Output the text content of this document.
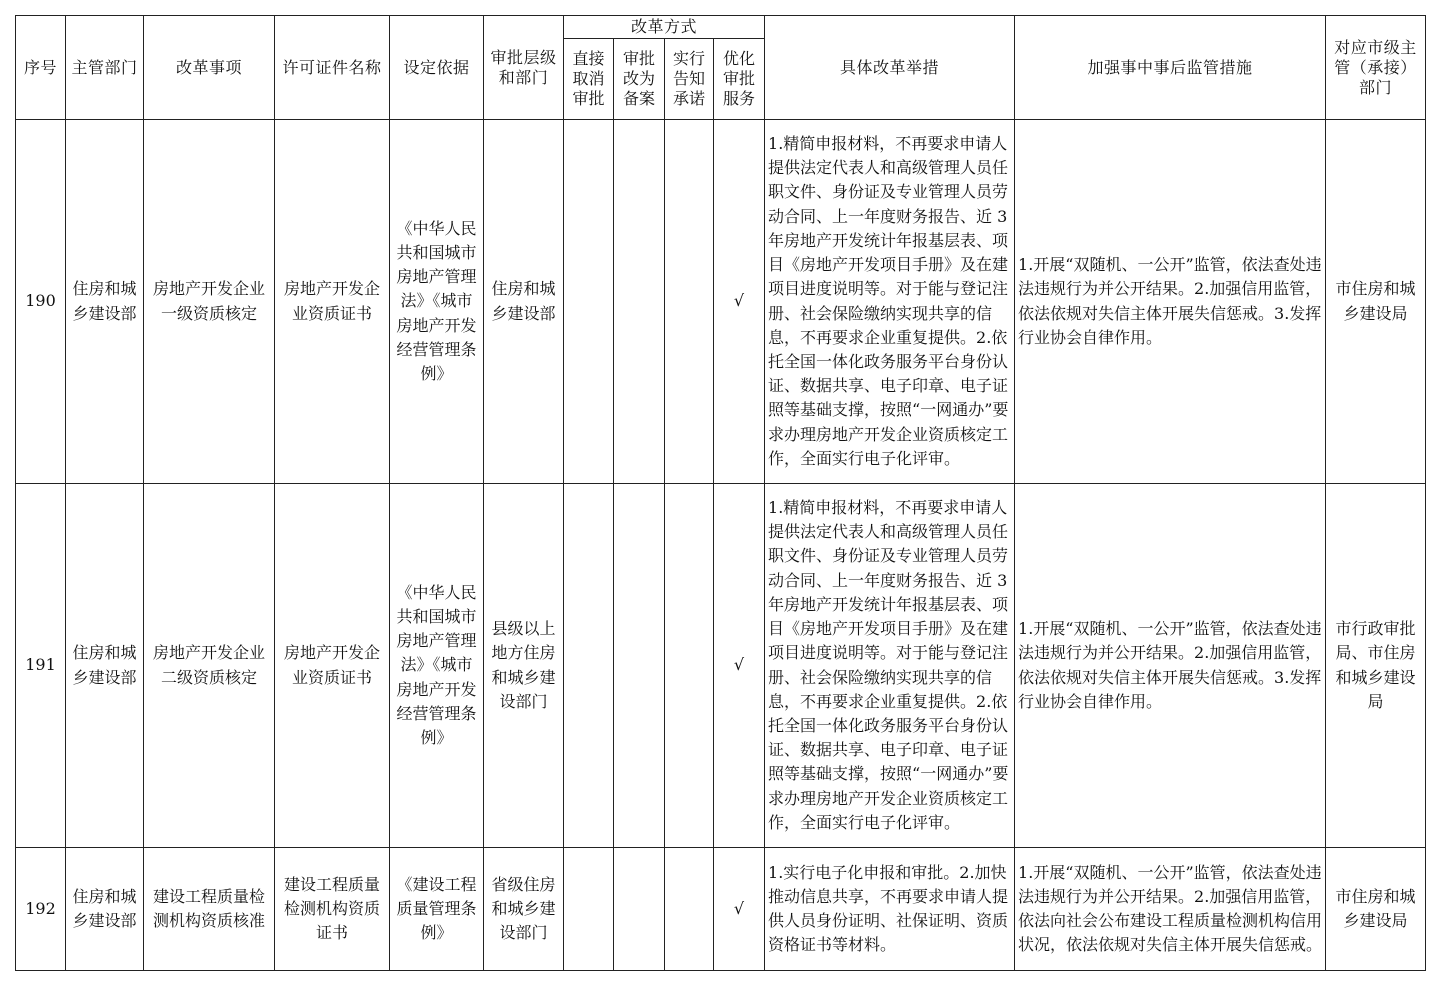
序号	主管部门	改革事项	许可证件名称	设定依据	审批层级和部门	改革方式				具体改革举措	加强事中事后监管措施	对应市级主管（承接）部门
						直接取消审批	审批改为备案	实行告知承诺	优化审批服务			
190	住房和城乡建设部	房地产开发企业一级资质核定	房地产开发企业资质证书	《中华人民共和国城市房地产管理法》《城市房地产开发经营管理条例》	住房和城乡建设部				√	1.精简申报材料，不再要求申请人提供法定代表人和高级管理人员任职文件、身份证及专业管理人员劳动合同、上一年度财务报告、近 3 年房地产开发统计年报基层表、项目《房地产开发项目手册》及在建项目进度说明等。对于能与登记注册、社会保险缴纳实现共享的信息，不再要求企业重复提供。2.依托全国一体化政务服务平台身份认证、数据共享、电子印章、电子证照等基础支撑，按照“一网通办”要求办理房地产开发企业资质核定工作，全面实行电子化评审。	1.开展“双随机、一公开”监管，依法查处违法违规行为并公开结果。2.加强信用监管，依法依规对失信主体开展失信惩戒。3.发挥行业协会自律作用。	市住房和城乡建设局
191	住房和城乡建设部	房地产开发企业二级资质核定	房地产开发企业资质证书	《中华人民共和国城市房地产管理法》《城市房地产开发经营管理条例》	县级以上地方住房和城乡建设部门				√	1.精简申报材料，不再要求申请人提供法定代表人和高级管理人员任职文件、身份证及专业管理人员劳动合同、上一年度财务报告、近 3 年房地产开发统计年报基层表、项目《房地产开发项目手册》及在建项目进度说明等。对于能与登记注册、社会保险缴纳实现共享的信息，不再要求企业重复提供。2.依托全国一体化政务服务平台身份认证、数据共享、电子印章、电子证照等基础支撑，按照“一网通办”要求办理房地产开发企业资质核定工作，全面实行电子化评审。	1.开展“双随机、一公开”监管，依法查处违法违规行为并公开结果。2.加强信用监管，依法依规对失信主体开展失信惩戒。3.发挥行业协会自律作用。	市行政审批局、市住房和城乡建设局
192	住房和城乡建设部	建设工程质量检测机构资质核准	建设工程质量检测机构资质证书	《建设工程质量管理条例》	省级住房和城乡建设部门				√	1.实行电子化申报和审批。2.加快推动信息共享，不再要求申请人提供人员身份证明、社保证明、资质资格证书等材料。	1.开展“双随机、一公开”监管，依法查处违法违规行为并公开结果。2.加强信用监管，依法向社会公布建设工程质量检测机构信用状况，依法依规对失信主体开展失信惩戒。	市住房和城乡建设局
